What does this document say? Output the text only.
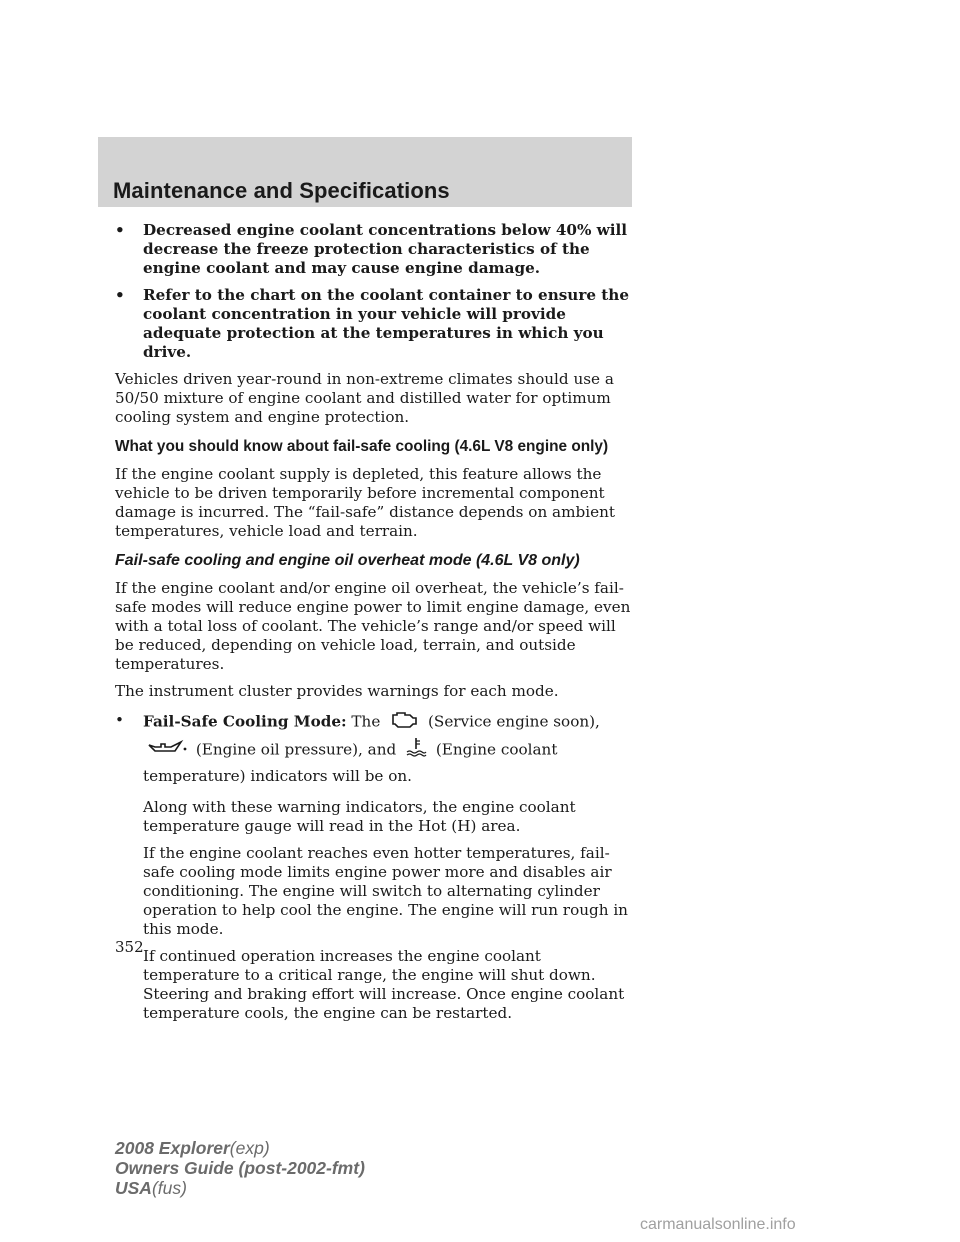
Maintenance and Specifications
•	Decreased engine coolant concentrations below 40% will decrease the freeze protection characteristics of the engine coolant and may cause engine damage.
•	Refer to the chart on the coolant container to ensure the coolant concentration in your vehicle will provide adequate protection at the temperatures in which you drive.

Vehicles driven year-round in non-extreme climates should use a 50/50 mixture of engine coolant and distilled water for optimum cooling system and engine protection.

What you should know about fail-safe cooling (4.6L V8 engine only)

If the engine coolant supply is depleted, this feature allows the vehicle to be driven temporarily before incremental component damage is incurred. The “fail-safe” distance depends on ambient temperatures, vehicle load and terrain.

Fail-safe cooling and engine oil overheat mode (4.6L V8 only)

If the engine coolant and/or engine oil overheat, the vehicle’s fail-safe modes will reduce engine power to limit engine damage, even with a total loss of coolant. The vehicle’s range and/or speed will be reduced, depending on vehicle load, terrain, and outside temperatures.

The instrument cluster provides warnings for each mode.

•	Fail-Safe Cooling Mode: The	(Service engine soon),  (Engine oil pressure), and	(Engine coolant temperature) indicators will be on.

Along with these warning indicators, the engine coolant temperature gauge will read in the Hot (H) area.

If the engine coolant reaches even hotter temperatures, fail-safe cooling mode limits engine power more and disables air conditioning. The engine will switch to alternating cylinder operation to help cool the engine. The engine will run rough in this mode.

If continued operation increases the engine coolant temperature to a critical range, the engine will shut down. Steering and braking effort will increase. Once engine coolant temperature cools, the engine can be restarted.

352
2008 Explorer(exp)
Owners Guide (post-2002-fmt)
USA(fus)
carmanualsonline.info
